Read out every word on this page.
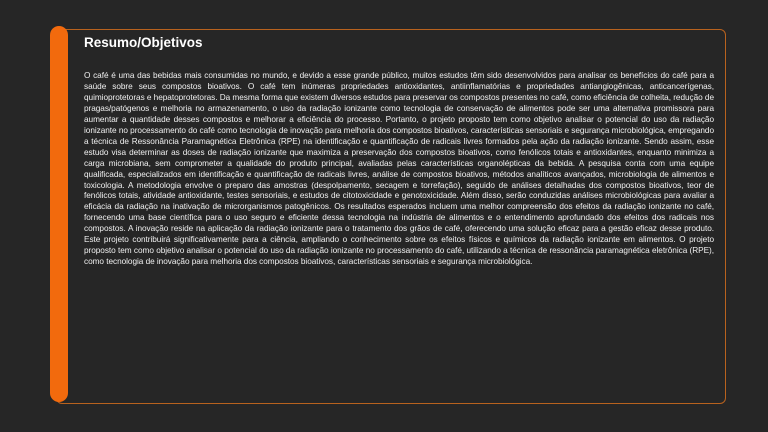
Resumo/Objetivos

O café é uma das bebidas mais consumidas no mundo, e devido a esse grande público, muitos estudos têm sido desenvolvidos para analisar os benefícios do café para a saúde sobre seus compostos bioativos. O café tem inúmeras propriedades antioxidantes, antiinflamatórias e propriedades antiangiogênicas, anticancerígenas, quimioprotetoras e hepatoprotetoras. Da mesma forma que existem diversos estudos para preservar os compostos presentes no café, como eficiência de colheita, redução de pragas/patógenos e melhoria no armazenamento, o uso da radiação ionizante como tecnologia de conservação de alimentos pode ser uma alternativa promissora para aumentar a quantidade desses compostos e melhorar a eficiência do processo. Portanto, o projeto proposto tem como objetivo analisar o potencial do uso da radiação ionizante no processamento do café como tecnologia de inovação para melhoria dos compostos bioativos, características sensoriais e segurança microbiológica, empregando a técnica de Ressonância Paramagnética Eletrônica (RPE) na identificação e quantificação de radicais livres formados pela ação da radiação ionizante. Sendo assim, esse estudo visa determinar as doses de radiação ionizante que maximiza a preservação dos compostos bioativos, como fenólicos totais e antioxidantes, enquanto minimiza a carga microbiana, sem comprometer a qualidade do produto principal, avaliadas pelas características organolépticas da bebida. A pesquisa conta com uma equipe qualificada, especializados em identificação e quantificação de radicais livres, análise de compostos bioativos, métodos analíticos avançados, microbiologia de alimentos e toxicologia. A metodologia envolve o preparo das amostras (despolpamento, secagem e torrefação), seguido de análises detalhadas dos compostos bioativos, teor de fenólicos totais, atividade antioxidante, testes sensoriais, e estudos de citotoxicidade e genotoxicidade. Além disso, serão conduzidas análises microbiológicas para avaliar a eficácia da radiação na inativação de microrganismos patogênicos. Os resultados esperados incluem uma melhor compreensão dos efeitos da radiação ionizante no café, fornecendo uma base científica para o uso seguro e eficiente dessa tecnologia na indústria de alimentos e o entendimento aprofundado dos efeitos dos radicais nos compostos. A inovação reside na aplicação da radiação ionizante para o tratamento dos grãos de café, oferecendo uma solução eficaz para a gestão eficaz desse produto. Este projeto contribuirá significativamente para a ciência, ampliando o conhecimento sobre os efeitos físicos e químicos da radiação ionizante em alimentos. O projeto proposto tem como objetivo analisar o potencial do uso da radiação ionizante no processamento do café, utilizando a técnica de ressonância paramagnética eletrônica (RPE), como tecnologia de inovação para melhoria dos compostos bioativos, características sensoriais e segurança microbiológica.
